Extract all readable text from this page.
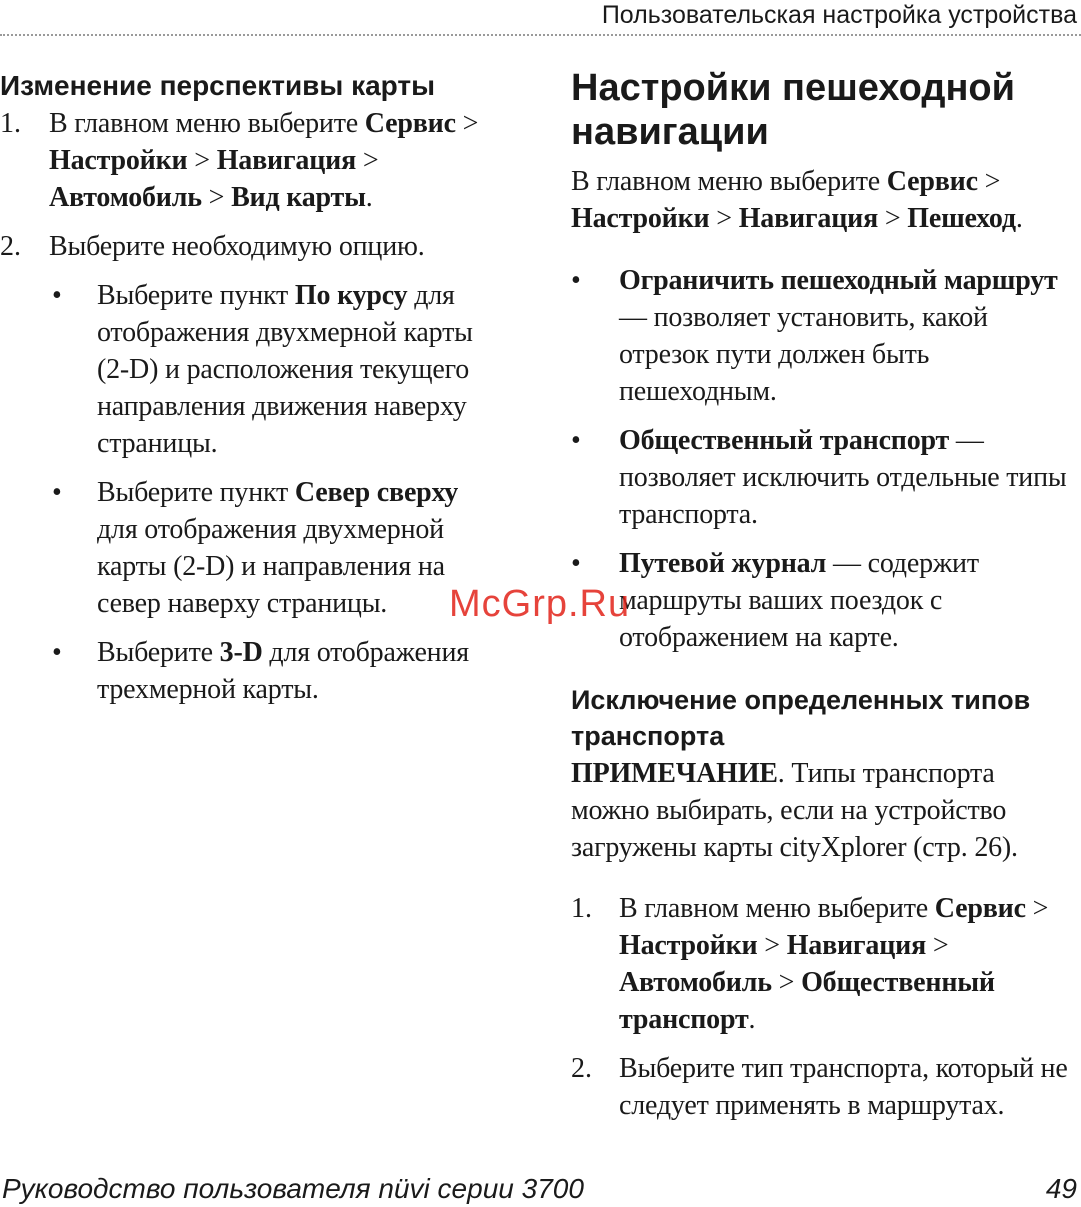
Пользовательская настройка устройства
Изменение перспективы карты
1.	В главном меню выберите Сервис > Настройки > Навигация > Автомобиль > Вид карты.

2.	Выберите необходимую опцию.

•	Выберите пункт По курсу для отображения двухмерной карты (2-D) и расположения текущего направления движения наверху страницы.

•	Выберите пункт Север сверху для отображения двухмерной карты (2-D) и направления на север наверху страницы.

•	Выберите 3-D для отображения трехмерной карты.

Настройки пешеходной навигации

В главном меню выберите Сервис > Настройки > Навигация > Пешеход.

•	Ограничить пешеходный маршрут — позволяет установить, какой отрезок пути должен быть пешеходным.

•	Общественный транспорт — позволяет исключить отдельные типы транспорта.

•	Путевой журнал — содержит маршруты ваших поездок с отображением на карте.

Исключение определенных типов транспорта

ПРИМЕЧАНИЕ. Типы транспорта можно выбирать, если на устройство загружены карты cityXplorer (стр. 26).

1. В главном меню выберите Сервис > Настройки > Навигация > Автомобиль > Общественный транспорт.

2. Выберите тип транспорта, который не следует применять в маршрутах.

McGrp.Ru
Руководство пользователя nüvi серии 3700	49
